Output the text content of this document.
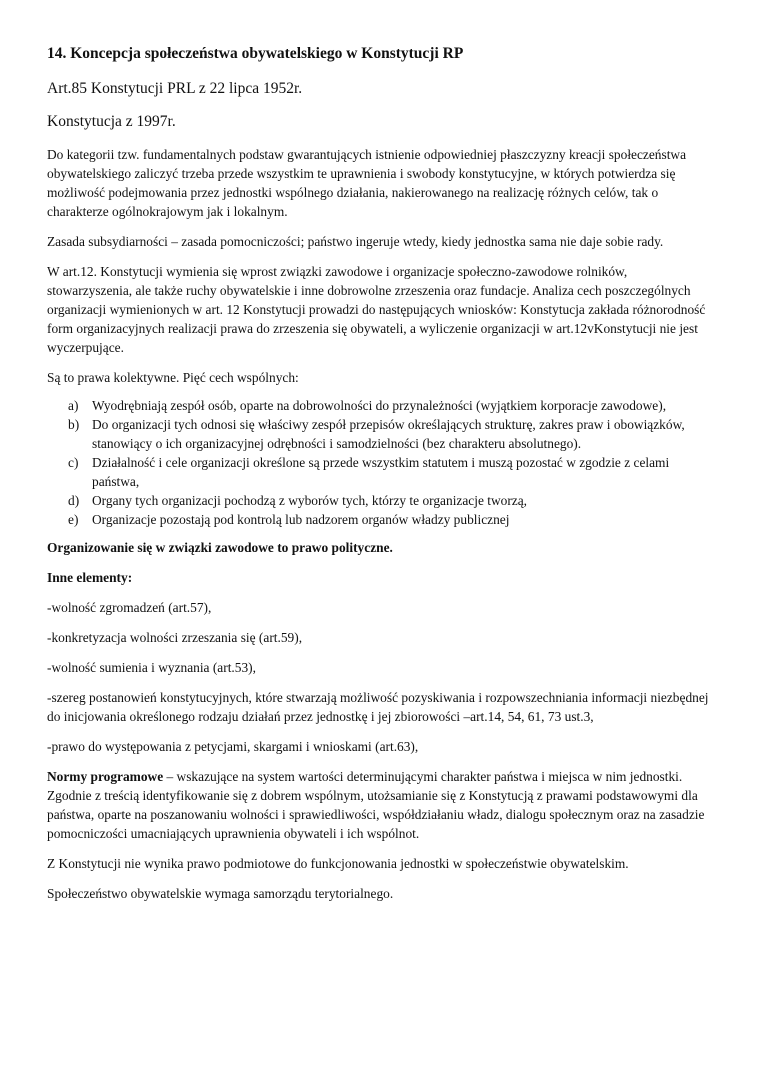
14. Koncepcja społeczeństwa obywatelskiego w Konstytucji RP
Art.85 Konstytucji PRL z 22 lipca 1952r.
Konstytucja z 1997r.

Do kategorii tzw. fundamentalnych podstaw gwarantujących istnienie odpowiedniej płaszczyzny kreacji społeczeństwa obywatelskiego zaliczyć trzeba przede wszystkim te uprawnienia i swobody konstytucyjne, w których potwierdza się możliwość podejmowania przez jednostki wspólnego działania, nakierowanego na realizację różnych celów, tak o charakterze ogólnokrajowym jak i lokalnym.

Zasada subsydiarności – zasada pomocniczości; państwo ingeruje wtedy, kiedy jednostka sama nie daje sobie rady.

W art.12. Konstytucji wymienia się wprost związki zawodowe i organizacje społeczno-zawodowe rolników, stowarzyszenia, ale także ruchy obywatelskie i inne dobrowolne zrzeszenia oraz fundacje. Analiza cech poszczególnych organizacji wymienionych w art. 12 Konstytucji prowadzi do następujących wniosków: Konstytucja zakłada różnorodność form organizacyjnych realizacji prawa do zrzeszenia się obywateli, a wyliczenie organizacji w art.12vKonstytucji nie jest wyczerpujące.

Są to prawa kolektywne. Pięć cech wspólnych:

a) Wyodrębniają zespół osób, oparte na dobrowolności do przynależności (wyjątkiem korporacje zawodowe),
b) Do organizacji tych odnosi się właściwy zespół przepisów określających strukturę, zakres praw i obowiązków, stanowiący o ich organizacyjnej odrębności i samodzielności (bez charakteru absolutnego).
c) Działalność i cele organizacji określone są przede wszystkim statutem i muszą pozostać w zgodzie z celami państwa,
d) Organy tych organizacji pochodzą z wyborów tych, którzy te organizacje tworzą,
e) Organizacje pozostają pod kontrolą lub nadzorem organów władzy publicznej

Organizowanie się w związki zawodowe to prawo polityczne.

Inne elementy:

-wolność zgromadzeń (art.57),

-konkretyzacja wolności zrzeszania się (art.59),

-wolność sumienia i wyznania (art.53),

-szereg postanowień konstytucyjnych, które stwarzają możliwość pozyskiwania i rozpowszechniania informacji niezbędnej do inicjowania określonego rodzaju działań przez jednostkę i jej zbiorowości –art.14, 54, 61, 73 ust.3,

-prawo do występowania z petycjami, skargami i wnioskami (art.63),

Normy programowe – wskazujące na system wartości determinującymi charakter państwa i miejsca w nim jednostki. Zgodnie z treścią identyfikowanie się z dobrem wspólnym, utożsamianie się z Konstytucją z prawami podstawowymi dla państwa, oparte na poszanowaniu wolności i sprawiedliwości, współdziałaniu władz, dialogu społecznym oraz na zasadzie pomocniczości umacniających uprawnienia obywateli i ich wspólnot.

Z Konstytucji nie wynika prawo podmiotowe do funkcjonowania jednostki w społeczeństwie obywatelskim.

Społeczeństwo obywatelskie wymaga samorządu terytorialnego.
